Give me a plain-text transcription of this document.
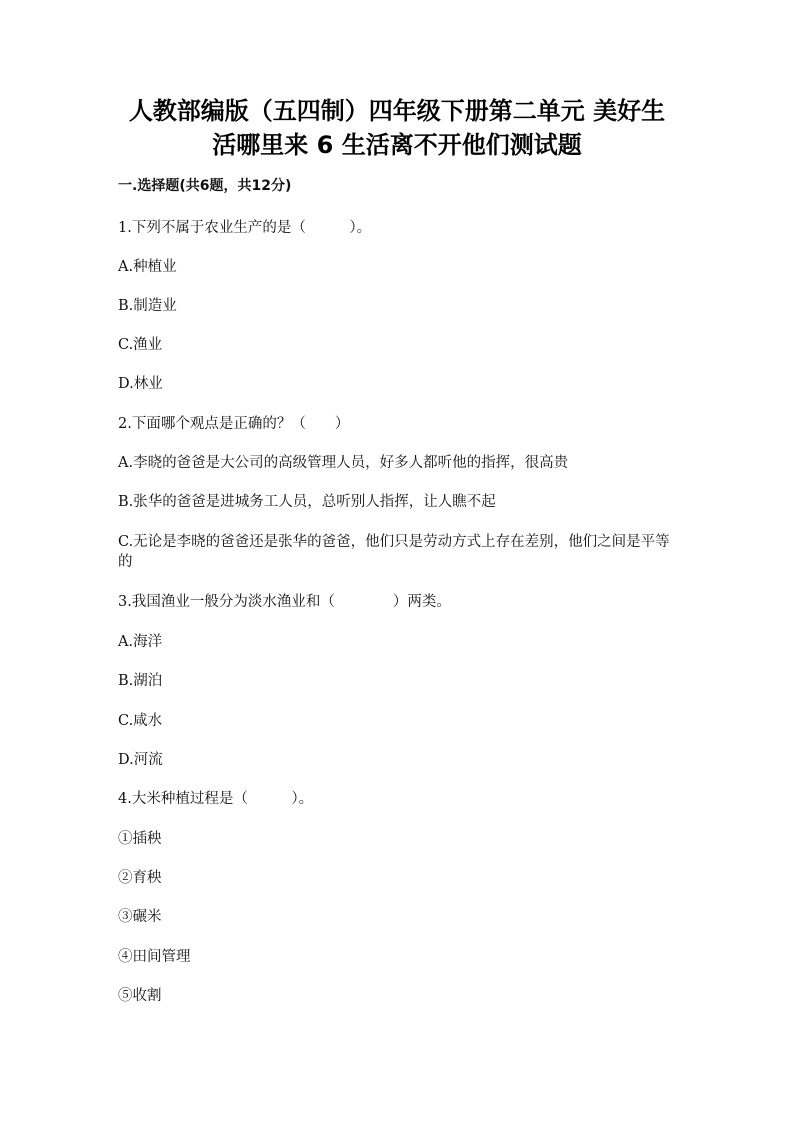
人教部编版（五四制）四年级下册第二单元 美好生
活哪里来 6 生活离不开他们测试题
一.选择题(共6题，共12分)
1.下列不属于农业生产的是（　　　）。
A.种植业
B.制造业
C.渔业
D.林业
2.下面哪个观点是正确的？（　　）
A.李晓的爸爸是大公司的高级管理人员，好多人都听他的指挥，很高贵
B.张华的爸爸是进城务工人员，总听别人指挥，让人瞧不起
C.无论是李晓的爸爸还是张华的爸爸，他们只是劳动方式上存在差别，他们之间是平等的
3.我国渔业一般分为淡水渔业和（　　　　）两类。
A.海洋
B.湖泊
C.咸水
D.河流
4.大米种植过程是（　　　）。
①插秧
②育秧
③碾米
④田间管理
⑤收割
